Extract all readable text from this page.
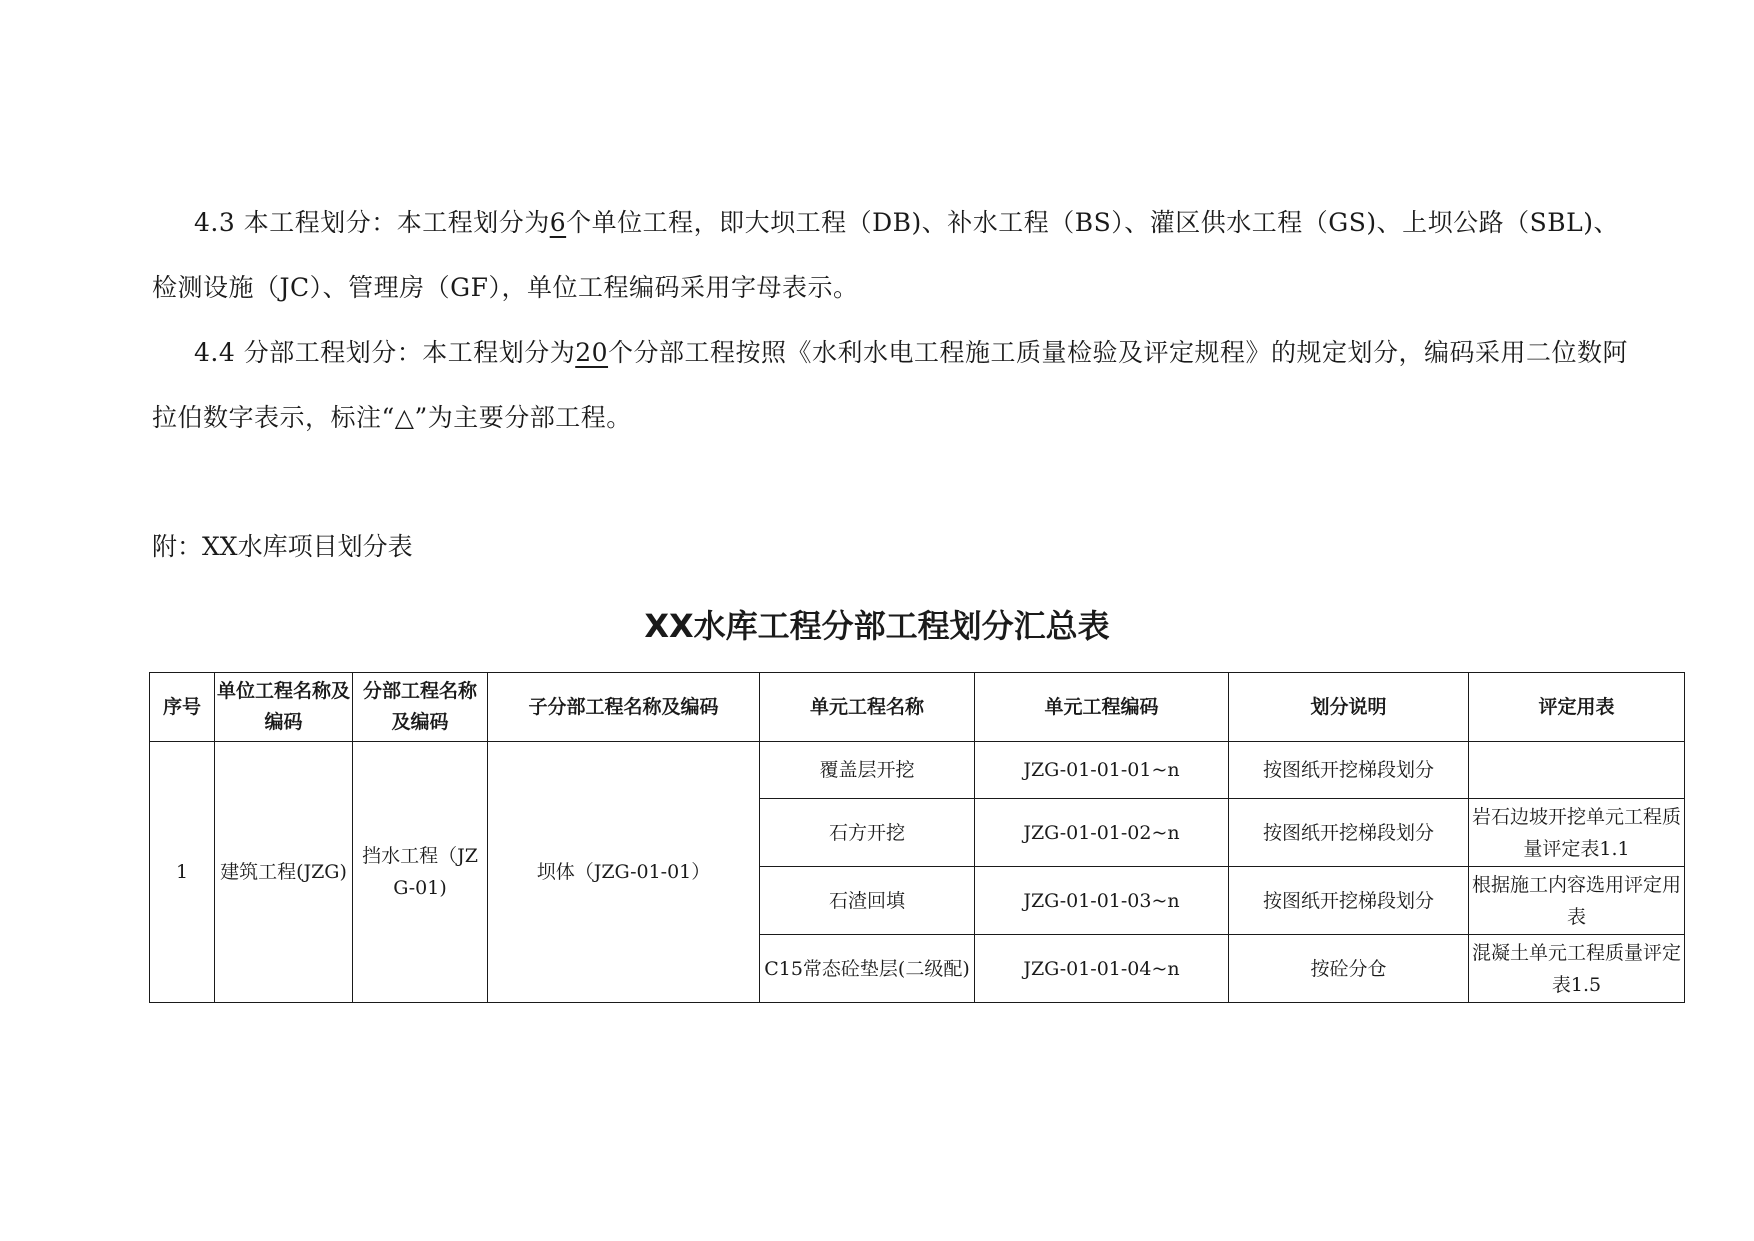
4.3 本工程划分：本工程划分为6个单位工程，即大坝工程（DB)、补水工程（BS）、灌区供水工程（GS)、上坝公路（SBL)、检测设施（JC）、管理房（GF），单位工程编码采用字母表示。
4.4 分部工程划分：本工程划分为20个分部工程按照《水利水电工程施工质量检验及评定规程》的规定划分，编码采用二位数阿拉伯数字表示，标注“△”为主要分部工程。
附：XX水库项目划分表
XX水库工程分部工程划分汇总表
序号	单位工程名称及编码	分部工程名称及编码	子分部工程名称及编码	单元工程名称	单元工程编码	划分说明	评定用表
1	建筑工程(JZG)	挡水工程（JZG-01)	坝体（JZG-01-01）	覆盖层开挖	JZG-01-01-01~n	按图纸开挖梯段划分	
				石方开挖	JZG-01-01-02~n	按图纸开挖梯段划分	岩石边坡开挖单元工程质量评定表1.1
				石渣回填	JZG-01-01-03~n	按图纸开挖梯段划分	根据施工内容选用评定用表
				C15常态砼垫层(二级配)	JZG-01-01-04~n	按砼分仓	混凝土单元工程质量评定表1.5
